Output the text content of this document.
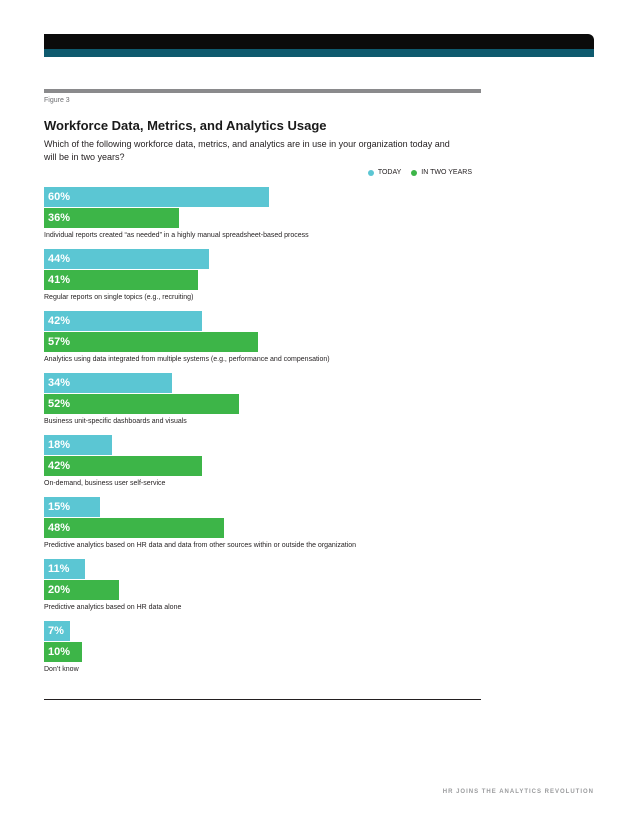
Figure 3
Workforce Data, Metrics, and Analytics Usage
Which of the following workforce data, metrics, and analytics are in use in your organization today and will be in two years?
TODAY	IN TWO YEARS
60%
36%
Individual reports created “as needed” in a highly manual spreadsheet-based process
44%
41%
Regular reports on single topics (e.g., recruiting)
42%
57%
Analytics using data integrated from multiple systems (e.g., performance and compensation)
34%
52%
Business unit-specific dashboards and visuals
18%
42%
On-demand, business user self-service
15%
48%
Predictive analytics based on HR data and data from other sources within or outside the organization
11%
20%
Predictive analytics based on HR data alone
7%
10%
Don’t know
HR JOINS THE ANALYTICS REVOLUTION
